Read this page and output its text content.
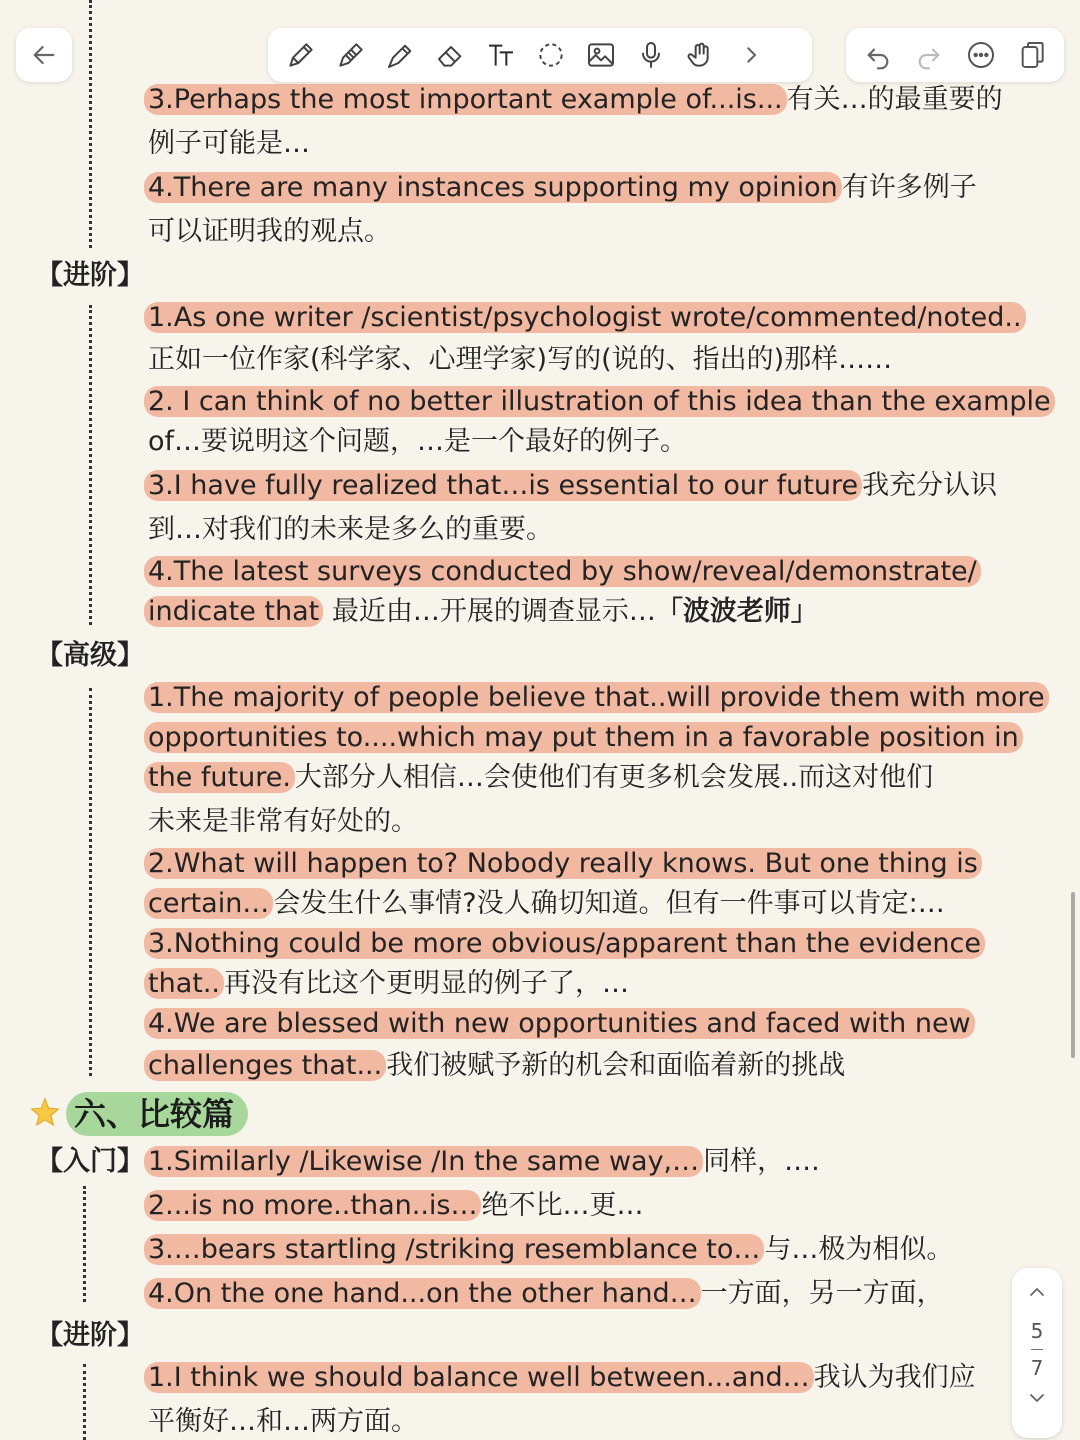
3.Perhaps the most important example of...is... 有关…的最重要的
例子可能是…
4.There are many instances supporting my opinion 有许多例子
可以证明我的观点。
【进阶】
1.As one writer /scientist/psychologist wrote/commented/noted..
正如一位作家(科学家、心理学家)写的(说的、指出的)那样……
2. I can think of no better illustration of this idea than the example
of…要说明这个问题，…是一个最好的例子。
3.I have fully realized that…is essential to our future 我充分认识
到…对我们的未来是多么的重要。
4.The latest surveys conducted by show/reveal/demonstrate/
indicate that 最近由…开展的调查显示…「波波老师」
【高级】
1.The majority of people believe that..will provide them with more
opportunities to....which may put them in a favorable position in
the future. 大部分人相信…会使他们有更多机会发展..而这对他们
未来是非常有好处的。
2.What will happen to? Nobody really knows. But one thing is
certain… 会发生什么事情?没人确切知道。但有一件事可以肯定:…
3.Nothing could be more obvious/apparent than the evidence
that.. 再没有比这个更明显的例子了，…
4.We are blessed with new opportunities and faced with new
challenges that... 我们被赋予新的机会和面临着新的挑战
六、比较篇
【入门】 1.Similarly /Likewise /In the same way,… 同样，….
2...is no more..than..is… 绝不比…更…
3.…bears startling /striking resemblance to… 与…极为相似。
4.On the one hand...on the other hand… 一方面，另一方面，
【进阶】
1.I think we should balance well between...and… 我认为我们应
平衡好…和…两方面。
5
7
